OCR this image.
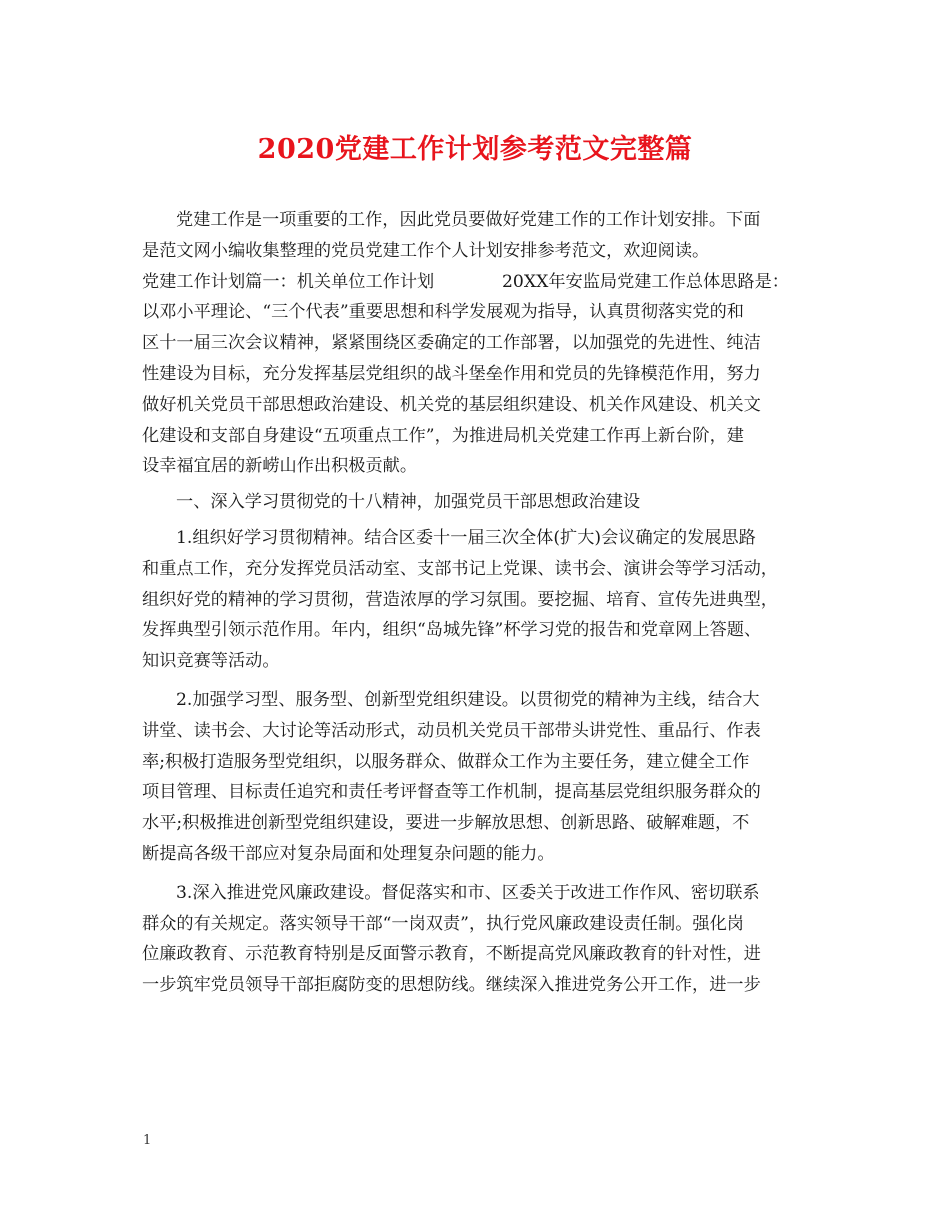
2020党建工作计划参考范文完整篇
党建工作是一项重要的工作，因此党员要做好党建工作的工作计划安排。下面
是范文网小编收集整理的党员党建工作个人计划安排参考范文，欢迎阅读。
党建工作计划篇一：机关单位工作计划	20XX年安监局党建工作总体思路是：
以邓小平理论、“三个代表”重要思想和科学发展观为指导，认真贯彻落实党的和
区十一届三次会议精神，紧紧围绕区委确定的工作部署，以加强党的先进性、纯洁
性建设为目标，充分发挥基层党组织的战斗堡垒作用和党员的先锋模范作用，努力
做好机关党员干部思想政治建设、机关党的基层组织建设、机关作风建设、机关文
化建设和支部自身建设“五项重点工作”，为推进局机关党建工作再上新台阶，建
设幸福宜居的新崂山作出积极贡献。
一、深入学习贯彻党的十八精神，加强党员干部思想政治建设
1.组织好学习贯彻精神。结合区委十一届三次全体(扩大)会议确定的发展思路
和重点工作，充分发挥党员活动室、支部书记上党课、读书会、演讲会等学习活动，
组织好党的精神的学习贯彻，营造浓厚的学习氛围。要挖掘、培育、宣传先进典型，
发挥典型引领示范作用。年内，组织“岛城先锋”杯学习党的报告和党章网上答题、
知识竞赛等活动。
2.加强学习型、服务型、创新型党组织建设。以贯彻党的精神为主线，结合大
讲堂、读书会、大讨论等活动形式，动员机关党员干部带头讲党性、重品行、作表
率;积极打造服务型党组织，以服务群众、做群众工作为主要任务，建立健全工作
项目管理、目标责任追究和责任考评督查等工作机制，提高基层党组织服务群众的
水平;积极推进创新型党组织建设，要进一步解放思想、创新思路、破解难题，不
断提高各级干部应对复杂局面和处理复杂问题的能力。
3.深入推进党风廉政建设。督促落实和市、区委关于改进工作作风、密切联系
群众的有关规定。落实领导干部“一岗双责”，执行党风廉政建设责任制。强化岗
位廉政教育、示范教育特别是反面警示教育，不断提高党风廉政教育的针对性，进
一步筑牢党员领导干部拒腐防变的思想防线。继续深入推进党务公开工作，进一步
1
